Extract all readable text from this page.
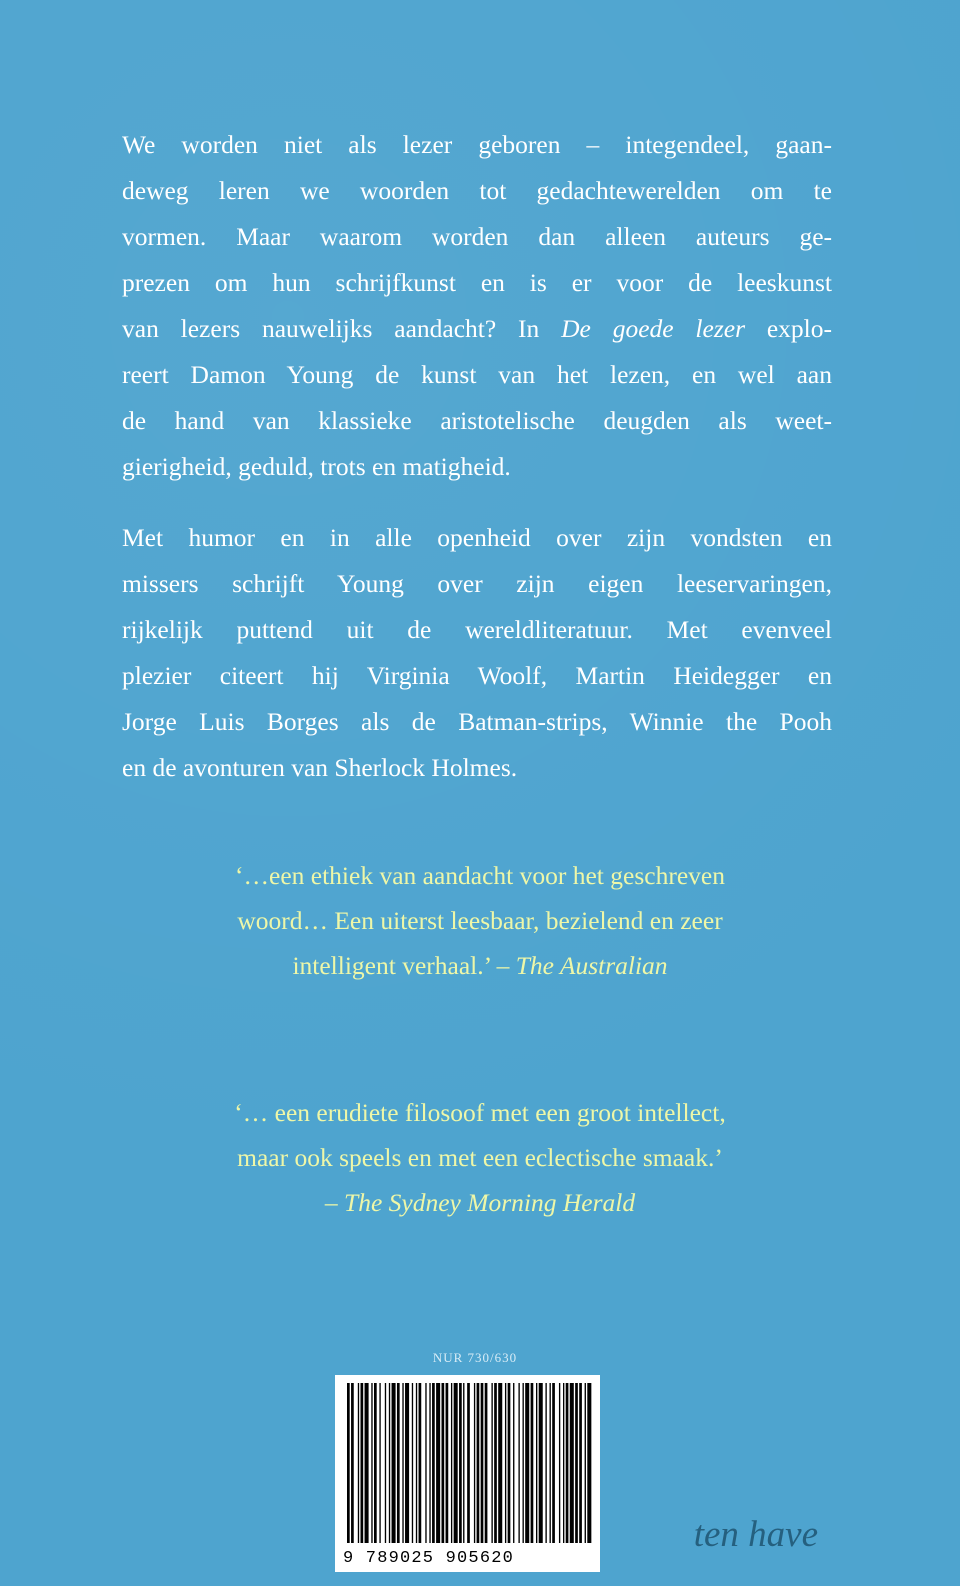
We worden niet als lezer geboren – integendeel, gaan-
deweg leren we woorden tot gedachtewerelden om te
vormen. Maar waarom worden dan alleen auteurs ge-
prezen om hun schrijfkunst en is er voor de leeskunst
van lezers nauwelijks aandacht? In De goede lezer explo-
reert Damon Young de kunst van het lezen, en wel aan
de hand van klassieke aristotelische deugden als weet-
gierigheid, geduld, trots en matigheid.

Met humor en in alle openheid over zijn vondsten en
missers schrijft Young over zijn eigen leeservaringen,
rijkelijk puttend uit de wereldliteratuur. Met evenveel
plezier citeert hij Virginia Woolf, Martin Heidegger en
Jorge Luis Borges als de Batman-strips, Winnie the Pooh
en de avonturen van Sherlock Holmes.

‘…een ethiek van aandacht voor het geschreven
woord… Een uiterst leesbaar, bezielend en zeer
intelligent verhaal.’ – The Australian

‘… een erudiete filosoof met een groot intellect,
maar ook speels en met een eclectische smaak.’
– The Sydney Morning Herald

NUR 730/630
9 789025 905620
ten have
